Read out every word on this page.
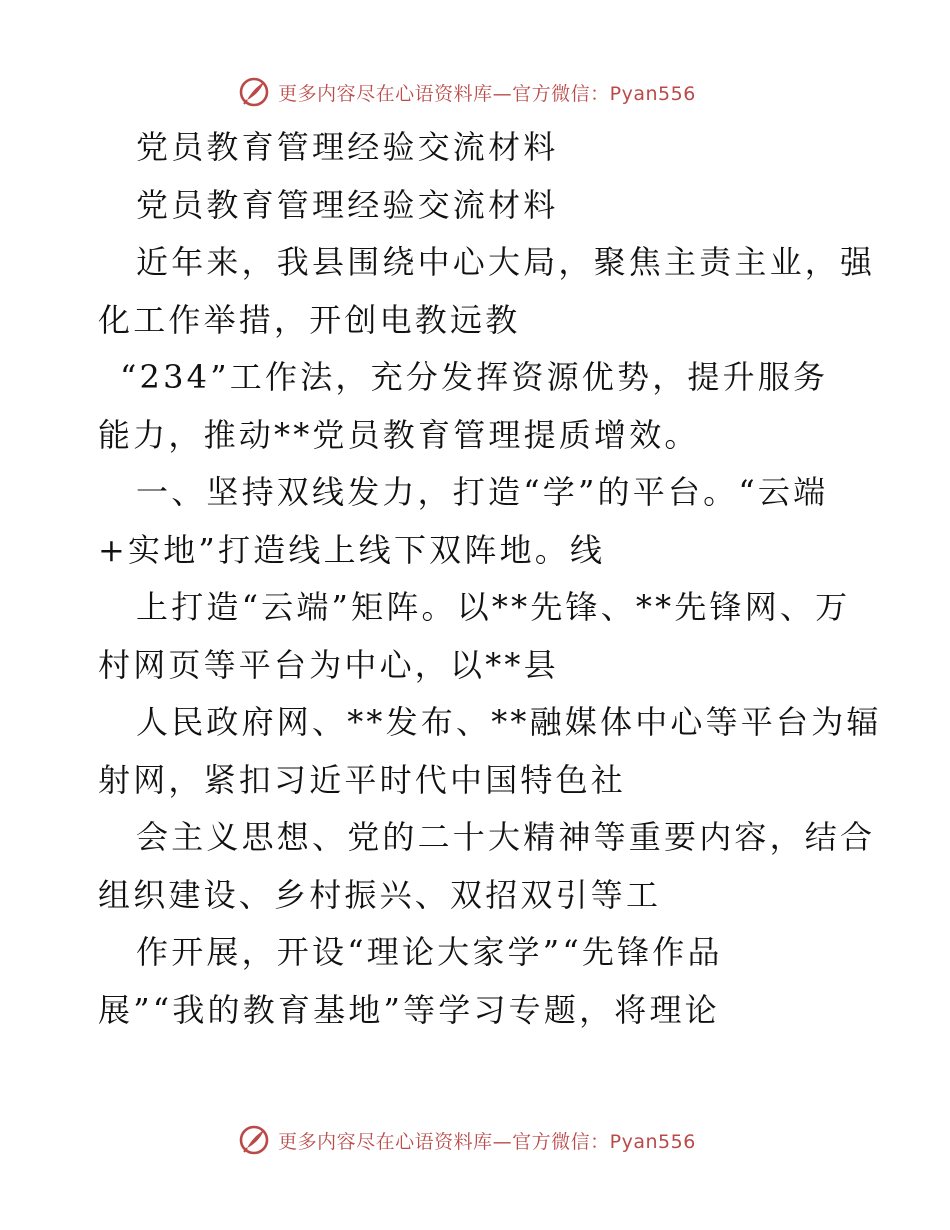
更多内容尽在心语资料库—官方微信：Pyan556
党员教育管理经验交流材料
党员教育管理经验交流材料
近年来，我县围绕中心大局，聚焦主责主业，强
化工作举措，开创电教远教
“234”工作法，充分发挥资源优势，提升服务
能力，推动**党员教育管理提质增效。
一、坚持双线发力，打造“学”的平台。“云端
+实地”打造线上线下双阵地。线
上打造“云端”矩阵。以**先锋、**先锋网、万
村网页等平台为中心，以**县
人民政府网、**发布、**融媒体中心等平台为辐
射网，紧扣习近平时代中国特色社
会主义思想、党的二十大精神等重要内容，结合
组织建设、乡村振兴、双招双引等工
作开展，开设“理论大家学”“先锋作品
展”“我的教育基地”等学习专题，将理论
更多内容尽在心语资料库—官方微信：Pyan556
